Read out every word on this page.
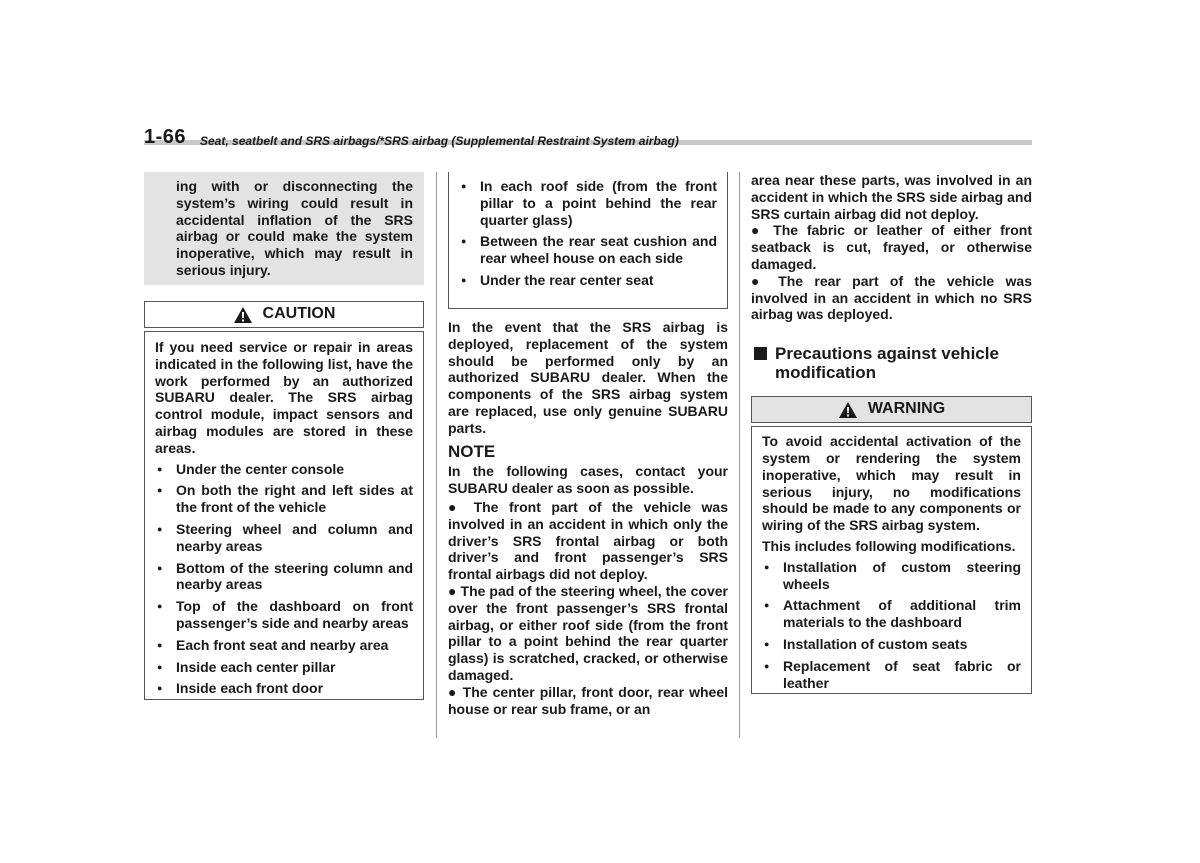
1-66 Seat, seatbelt and SRS airbags/*SRS airbag (Supplemental Restraint System airbag)

ing with or disconnecting the system’s wiring could result in accidental inflation of the SRS airbag or could make the system inoperative, which may result in serious injury.

CAUTION

If you need service or repair in areas indicated in the following list, have the work performed by an authorized SUBARU dealer. The SRS airbag control module, impact sensors and airbag modules are stored in these areas.

● Under the center console
● On both the right and left sides at the front of the vehicle
● Steering wheel and column and nearby areas
● Bottom of the steering column and nearby areas
● Top of the dashboard on front passenger’s side and nearby areas
● Each front seat and nearby area
● Inside each center pillar
● Inside each front door
● In each roof side (from the front pillar to a point behind the rear quarter glass)
● Between the rear seat cushion and rear wheel house on each side
● Under the rear center seat

In the event that the SRS airbag is deployed, replacement of the system should be performed only by an authorized SUBARU dealer. When the components of the SRS airbag system are replaced, use only genuine SUBARU parts.

NOTE

In the following cases, contact your SUBARU dealer as soon as possible.

● The front part of the vehicle was involved in an accident in which only the driver’s SRS frontal airbag or both driver’s and front passenger’s SRS frontal airbags did not deploy.

● The pad of the steering wheel, the cover over the front passenger’s SRS frontal airbag, or either roof side (from the front pillar to a point behind the rear quarter glass) is scratched, cracked, or otherwise damaged.

● The center pillar, front door, rear wheel house or rear sub frame, or an

area near these parts, was involved in an accident in which the SRS side airbag and SRS curtain airbag did not deploy.

● The fabric or leather of either front seatback is cut, frayed, or otherwise damaged.

● The rear part of the vehicle was involved in an accident in which no SRS airbag was deployed.

Precautions against vehicle modification
WARNING

To avoid accidental activation of the system or rendering the system inoperative, which may result in serious injury, no modifications should be made to any components or wiring of the SRS airbag system.

This includes following modifications.

● Installation of custom steering wheels
● Attachment of additional trim materials to the dashboard
● Installation of custom seats
● Replacement of seat fabric or leather
